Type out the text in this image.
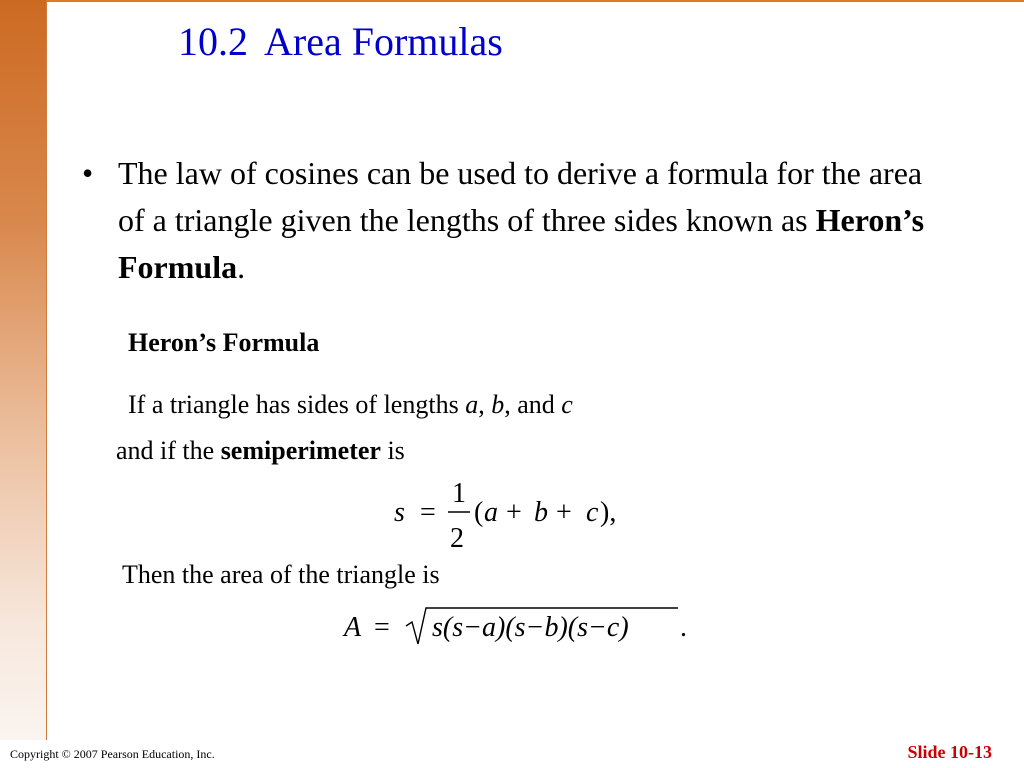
10.2 Area Formulas
• The law of cosines can be used to derive a formula for the area of a triangle given the lengths of three sides known as Heron’s Formula.
Heron’s Formula
If a triangle has sides of lengths a, b, and c
and if the semiperimeter is
s =
1
2
( a + b + c ),
Then the area of the triangle is
A = s(s−a)(s−b)(s−c) .
Copyright © 2007 Pearson Education, Inc.	Slide 10-13
